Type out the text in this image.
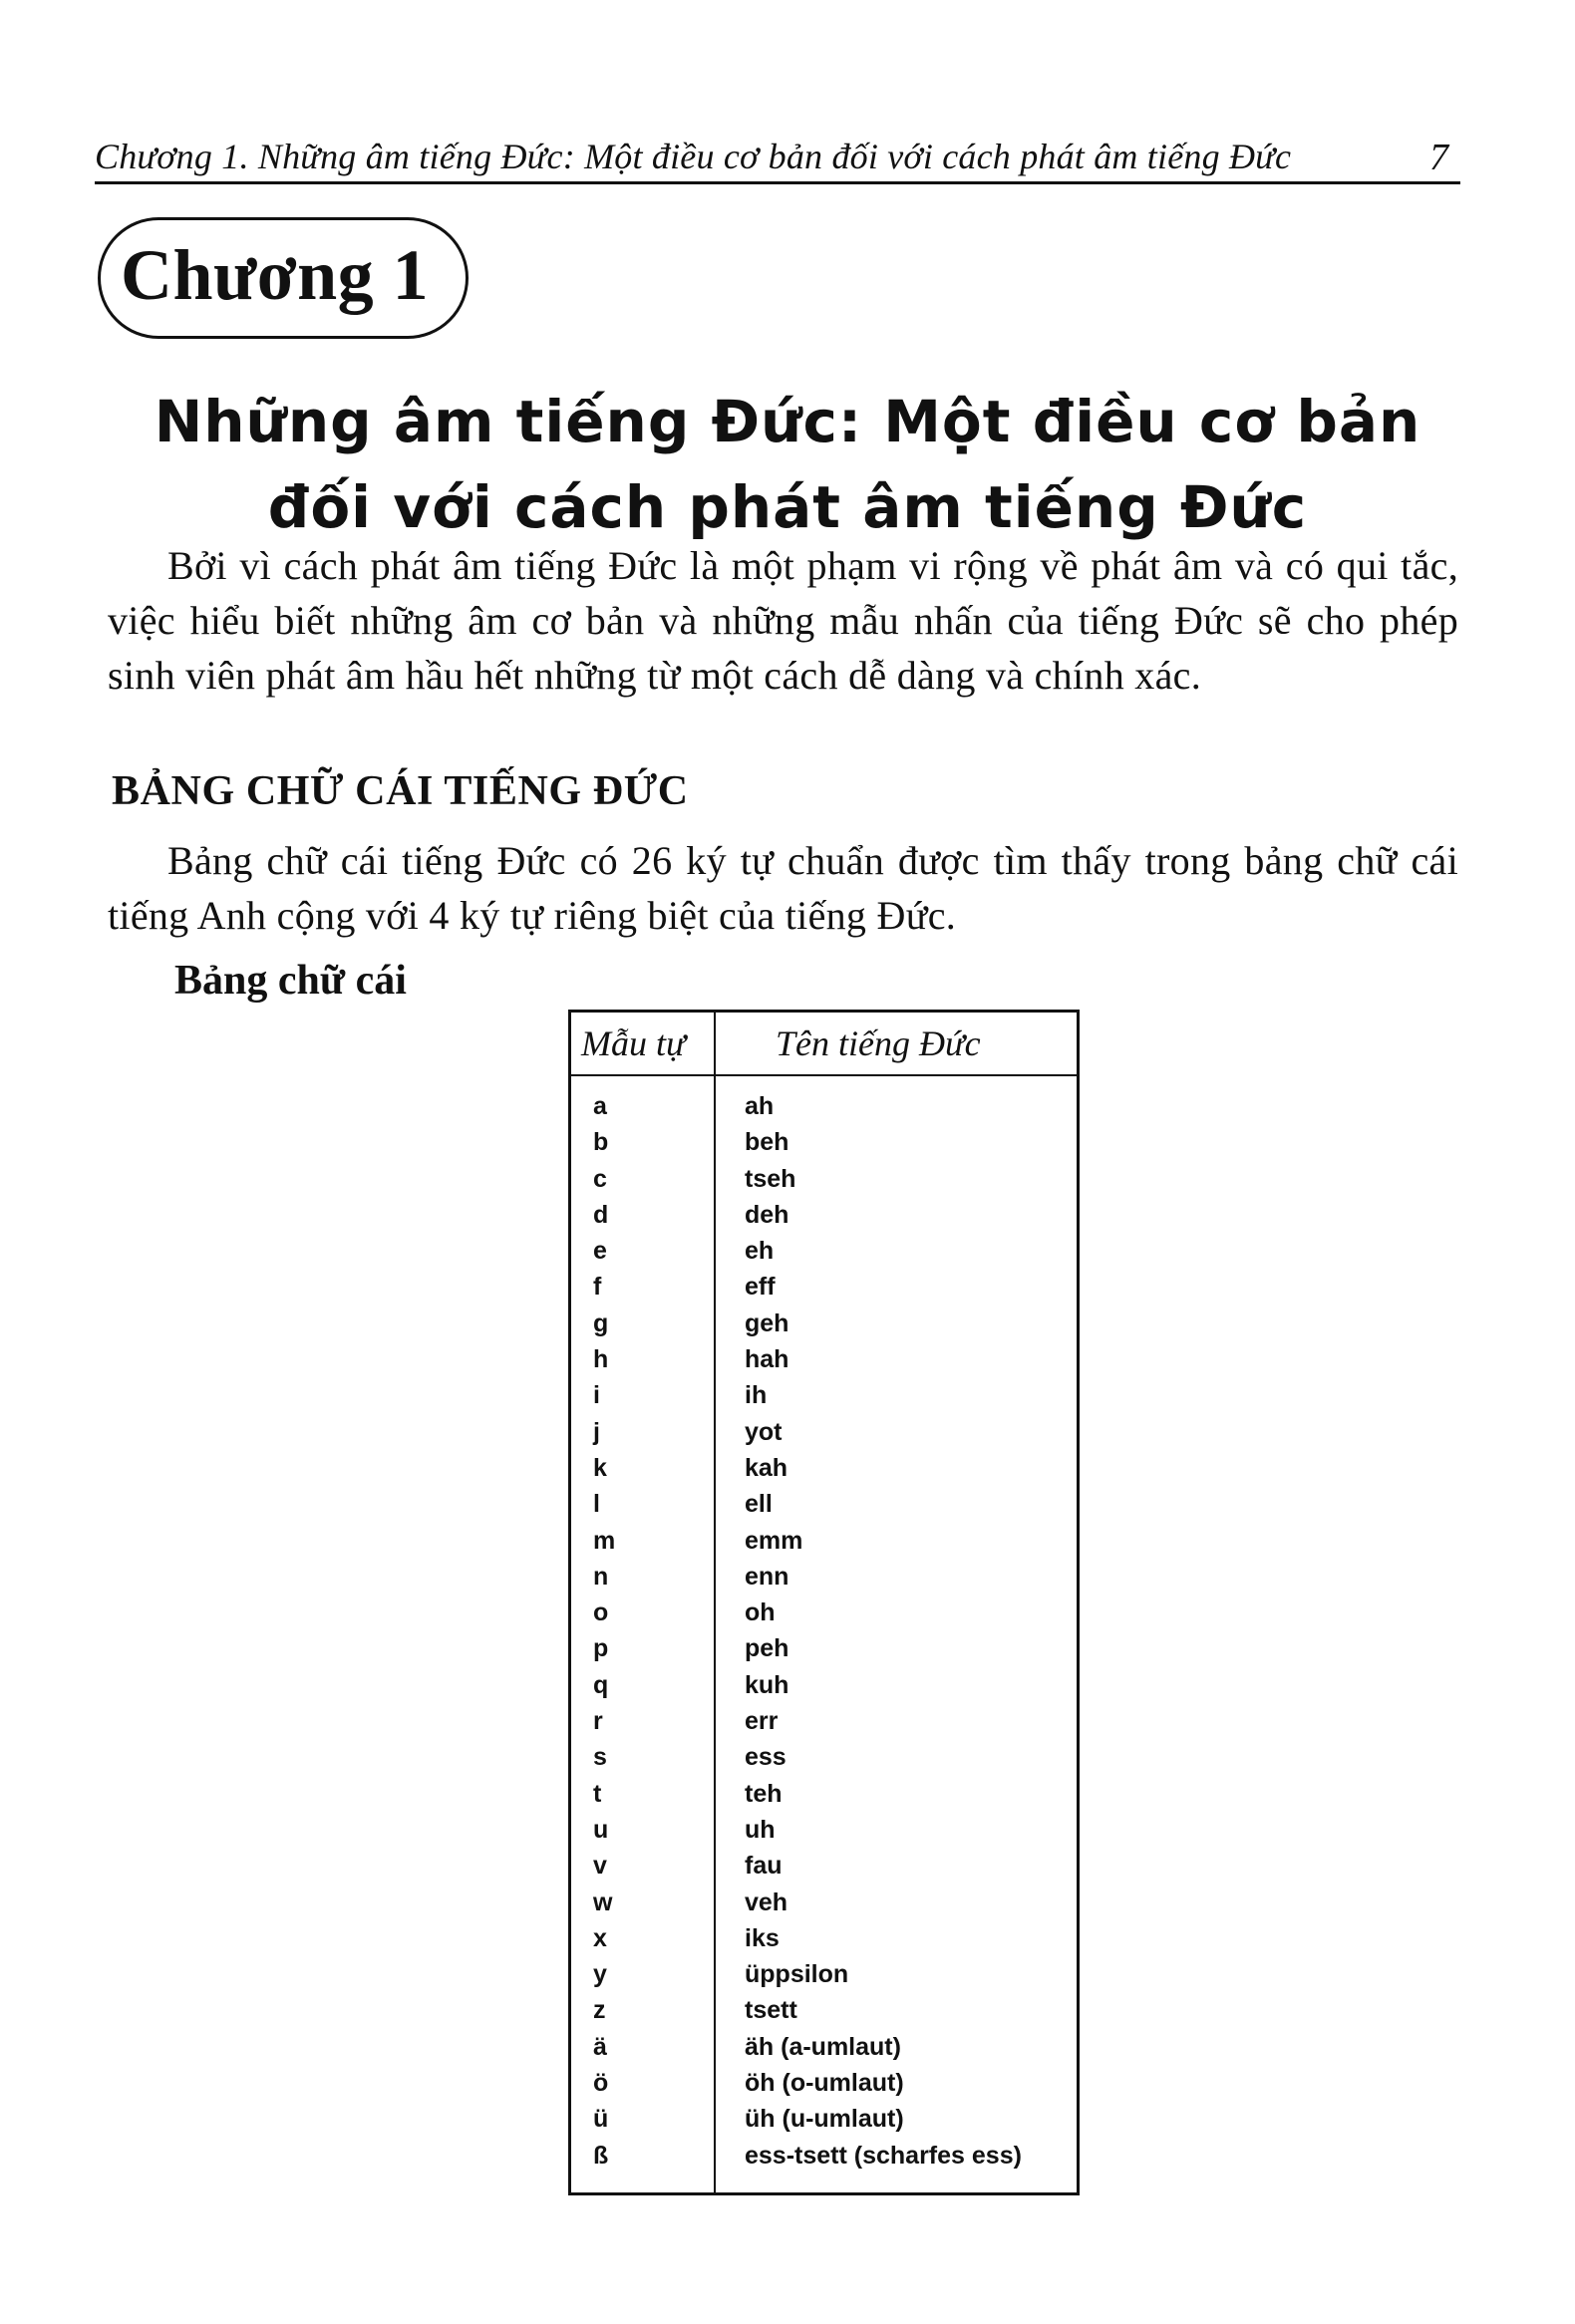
Chương 1. Những âm tiếng Đức: Một điều cơ bản đối với cách phát âm tiếng Đức	7
Chương 1
Những âm tiếng Đức: Một điều cơ bản đối với cách phát âm tiếng Đức
Bởi vì cách phát âm tiếng Đức là một phạm vi rộng về phát âm và có qui tắc, việc hiểu biết những âm cơ bản và những mẫu nhấn của tiếng Đức sẽ cho phép sinh viên phát âm hầu hết những từ một cách dễ dàng và chính xác.
BẢNG CHỮ CÁI TIẾNG ĐỨC
Bảng chữ cái tiếng Đức có 26 ký tự chuẩn được tìm thấy trong bảng chữ cái tiếng Anh cộng với 4 ký tự riêng biệt của tiếng Đức.
Bảng chữ cái
Mẫu tự	Tên tiếng Đức
a	ah
b	beh
c	tseh
d	deh
e	eh
f	eff
g	geh
h	hah
i	ih
j	yot
k	kah
l	ell
m	emm
n	enn
o	oh
p	peh
q	kuh
r	err
s	ess
t	teh
u	uh
v	fau
w	veh
x	iks
y	üppsilon
z	tsett
ä	äh (a-umlaut)
ö	öh (o-umlaut)
ü	üh (u-umlaut)
ß	ess-tsett (scharfes ess)
